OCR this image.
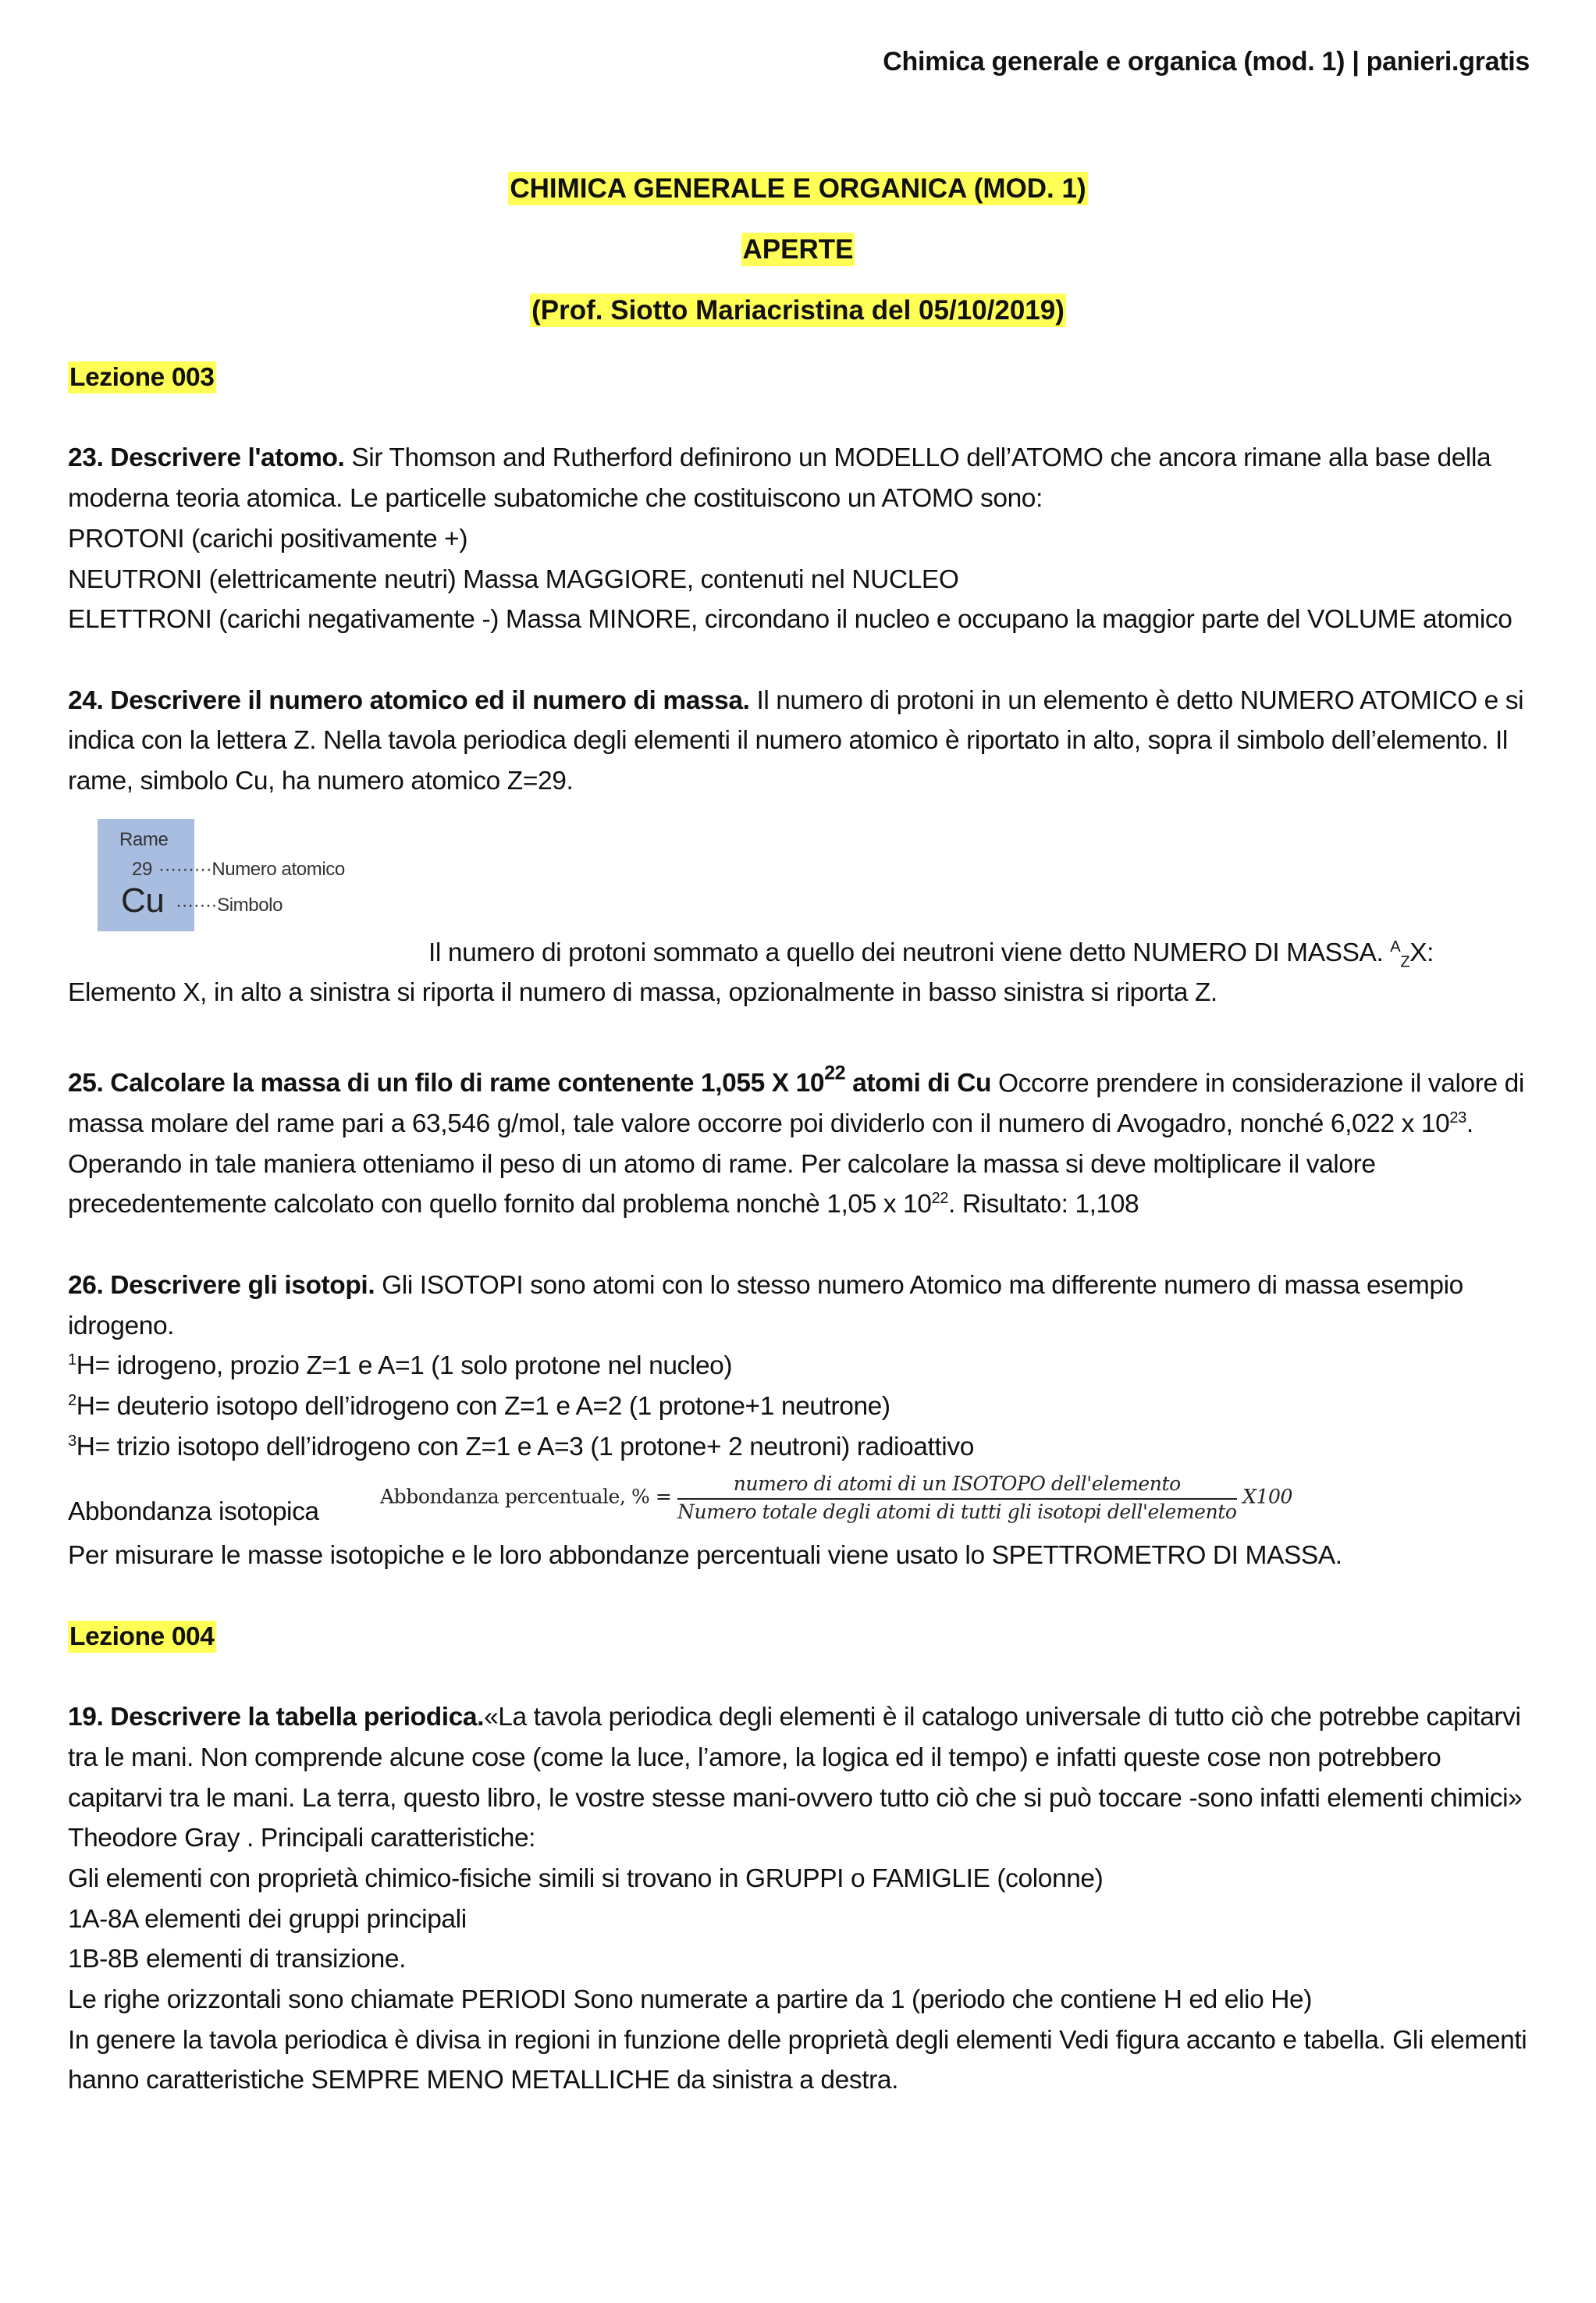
Chimica generale e organica (mod. 1) | panieri.gratis
CHIMICA GENERALE E ORGANICA (MOD. 1)
APERTE
(Prof. Siotto Mariacristina del 05/10/2019)

Lezione 003

23. Descrivere l'atomo. Sir Thomson and Rutherford definirono un MODELLO dell’ATOMO che ancora rimane alla base della moderna teoria atomica. Le particelle subatomiche che costituiscono un ATOMO sono:

PROTONI (carichi positivamente +)

NEUTRONI (elettricamente neutri) Massa MAGGIORE, contenuti nel NUCLEO

ELETTRONI (carichi negativamente -) Massa MINORE, circondano il nucleo e occupano la maggior parte del VOLUME atomico

24. Descrivere il numero atomico ed il numero di massa. Il numero di protoni in un elemento è detto NUMERO ATOMICO e si indica con la lettera Z. Nella tavola periodica degli elementi il numero atomico è riportato in alto, sopra il simbolo dell’elemento. Il rame, simbolo Cu, ha numero atomico Z=29.

Rame
29
Cu
·········Numero atomico
·······Simbolo

Il numero di protoni sommato a quello dei neutroni viene detto NUMERO DI MASSA. $^A_Z$X: Elemento X, in alto a sinistra si riporta il numero di massa, opzionalmente in basso sinistra si riporta Z.

25. Calcolare la massa di un filo di rame contenente 1,055 X $10^{22}$ atomi di Cu Occorre prendere in considerazione il valore di massa molare del rame pari a 63,546 g/mol, tale valore occorre poi dividerlo con il numero di Avogadro, nonché 6,022 x $10^{23}$. Operando in tale maniera otteniamo il peso di un atomo di rame. Per calcolare la massa si deve moltiplicare il valore precedentemente calcolato con quello fornito dal problema nonchè 1,05 x $10^{22}$. Risultato: 1,108

26. Descrivere gli isotopi. Gli ISOTOPI sono atomi con lo stesso numero Atomico ma differente numero di massa esempio idrogeno.

$^1$H= idrogeno, prozio Z=1 e A=1 (1 solo protone nel nucleo)

$^2$H= deuterio isotopo dell’idrogeno con Z=1 e A=2 (1 protone+1 neutrone)

$^3$H= trizio isotopo dell’idrogeno con Z=1 e A=3 (1 protone+ 2 neutroni) radioattivo

Abbondanza percentuale, % = $\frac{\text{numero di atomi di un ISOTOPO dell'elemento}}{\text{Numero totale degli atomi di tutti gli isotopi dell'elemento}} X100$

Abbondanza isotopica

Per misurare le masse isotopiche e le loro abbondanze percentuali viene usato lo SPETTROMETRO DI MASSA.

Lezione 004

19. Descrivere la tabella periodica.«La tavola periodica degli elementi è il catalogo universale di tutto ciò che potrebbe capitarvi tra le mani. Non comprende alcune cose (come la luce, l’amore, la logica ed il tempo) e infatti queste cose non potrebbero capitarvi tra le mani. La terra, questo libro, le vostre stesse mani-ovvero tutto ciò che si può toccare -sono infatti elementi chimici» Theodore Gray . Principali caratteristiche:

Gli elementi con proprietà chimico-fisiche simili si trovano in GRUPPI o FAMIGLIE (colonne)

1A-8A elementi dei gruppi principali

1B-8B elementi di transizione.

Le righe orizzontali sono chiamate PERIODI Sono numerate a partire da 1 (periodo che contiene H ed elio He)

In genere la tavola periodica è divisa in regioni in funzione delle proprietà degli elementi Vedi figura accanto e tabella. Gli elementi hanno caratteristiche SEMPRE MENO METALLICHE da sinistra a destra.
